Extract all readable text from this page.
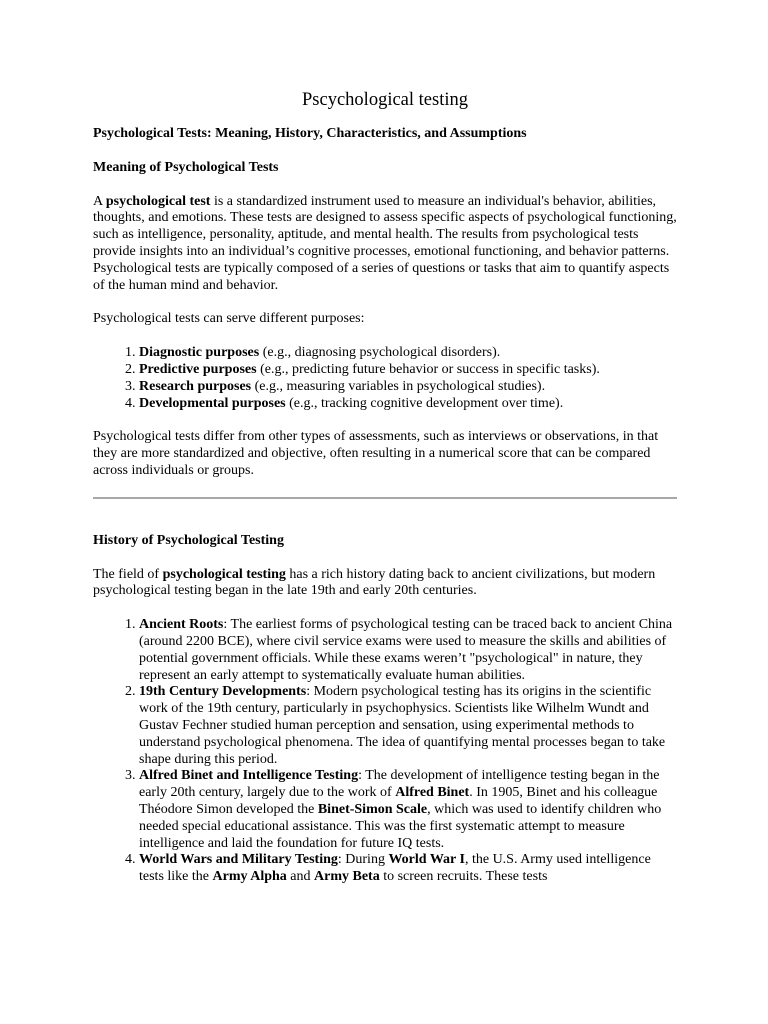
Pscychological testing

Psychological Tests: Meaning, History, Characteristics, and Assumptions

Meaning of Psychological Tests

A psychological test is a standardized instrument used to measure an individual's behavior, abilities, thoughts, and emotions. These tests are designed to assess specific aspects of psychological functioning, such as intelligence, personality, aptitude, and mental health. The results from psychological tests provide insights into an individual’s cognitive processes, emotional functioning, and behavior patterns. Psychological tests are typically composed of a series of questions or tasks that aim to quantify aspects of the human mind and behavior.

Psychological tests can serve different purposes:

1. Diagnostic purposes (e.g., diagnosing psychological disorders).
2. Predictive purposes (e.g., predicting future behavior or success in specific tasks).
3. Research purposes (e.g., measuring variables in psychological studies).
4. Developmental purposes (e.g., tracking cognitive development over time).

Psychological tests differ from other types of assessments, such as interviews or observations, in that they are more standardized and objective, often resulting in a numerical score that can be compared across individuals or groups.

History of Psychological Testing

The field of psychological testing has a rich history dating back to ancient civilizations, but modern psychological testing began in the late 19th and early 20th centuries.

1. Ancient Roots: The earliest forms of psychological testing can be traced back to ancient China (around 2200 BCE), where civil service exams were used to measure the skills and abilities of potential government officials. While these exams weren’t "psychological" in nature, they represent an early attempt to systematically evaluate human abilities.
2. 19th Century Developments: Modern psychological testing has its origins in the scientific work of the 19th century, particularly in psychophysics. Scientists like Wilhelm Wundt and Gustav Fechner studied human perception and sensation, using experimental methods to understand psychological phenomena. The idea of quantifying mental processes began to take shape during this period.
3. Alfred Binet and Intelligence Testing: The development of intelligence testing began in the early 20th century, largely due to the work of Alfred Binet. In 1905, Binet and his colleague Théodore Simon developed the Binet-Simon Scale, which was used to identify children who needed special educational assistance. This was the first systematic attempt to measure intelligence and laid the foundation for future IQ tests.
4. World Wars and Military Testing: During World War I, the U.S. Army used intelligence tests like the Army Alpha and Army Beta to screen recruits. These tests
